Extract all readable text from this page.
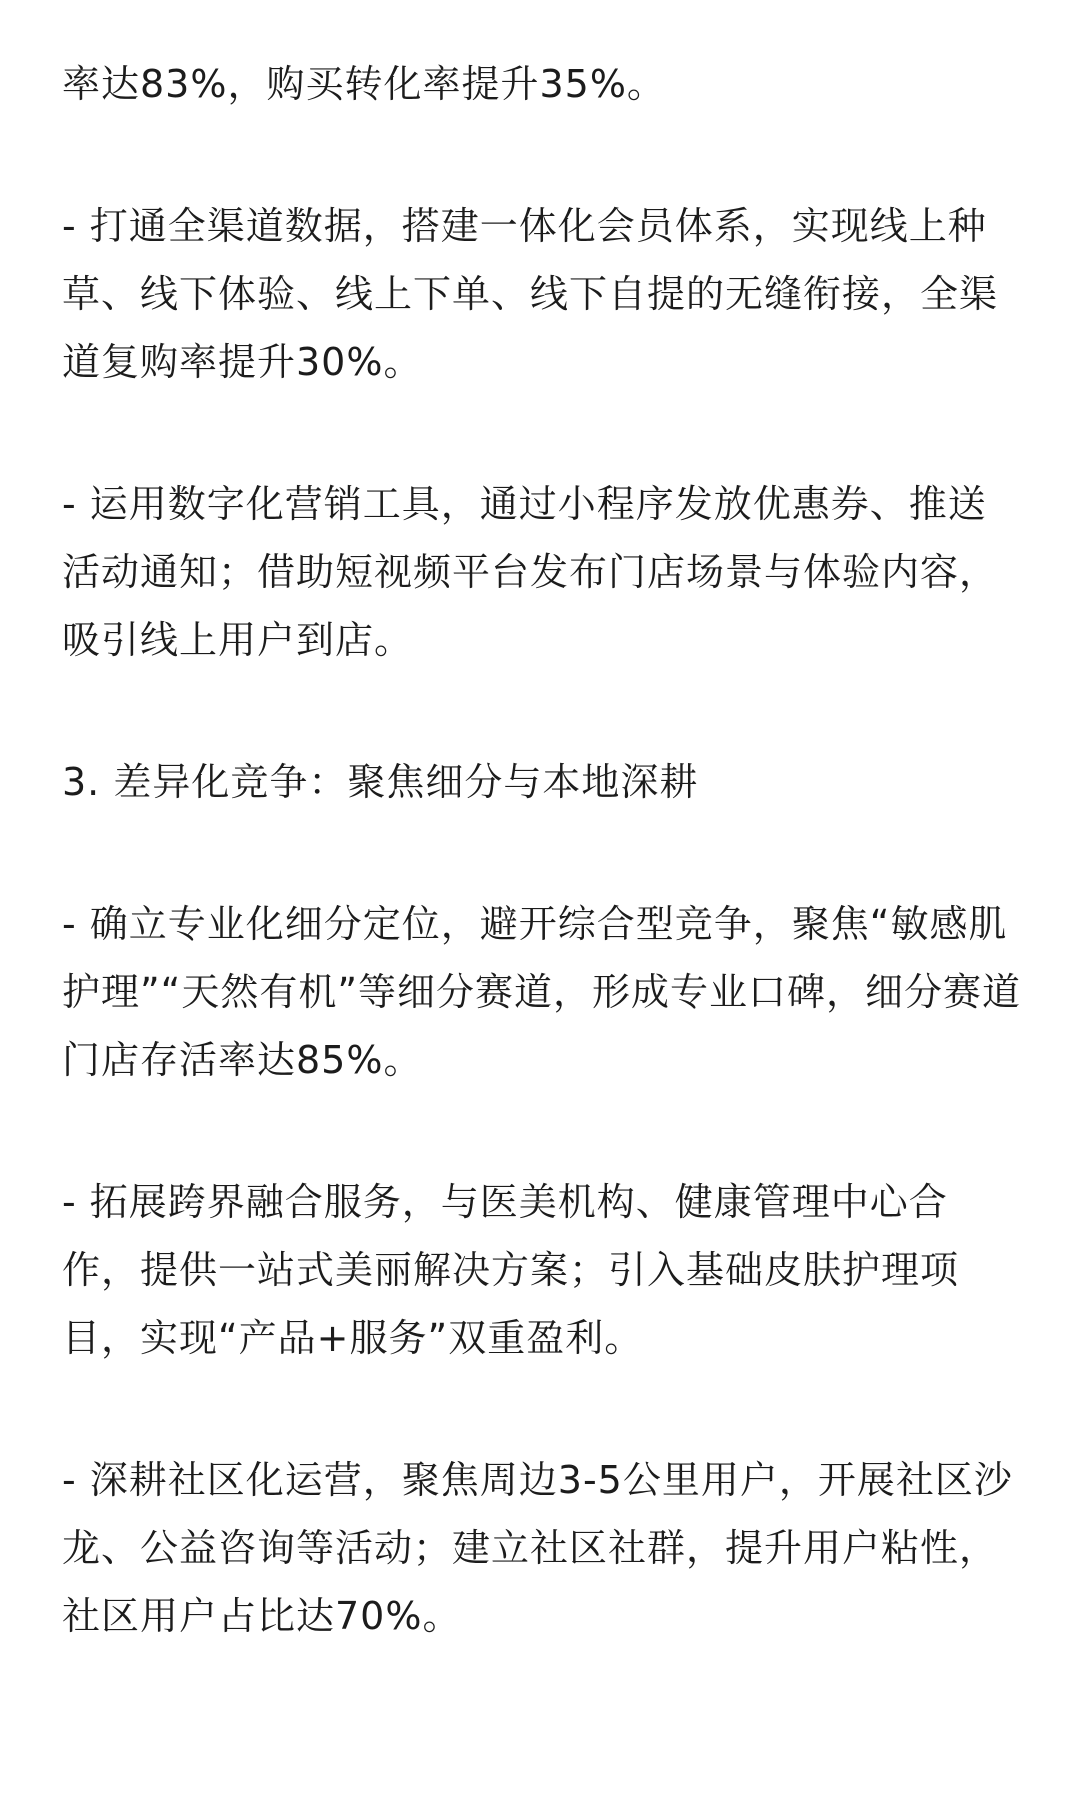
率达83%，购买转化率提升35%。

- 打通全渠道数据，搭建一体化会员体系，实现线上种
草、线下体验、线上下单、线下自提的无缝衔接，全渠
道复购率提升30%。

- 运用数字化营销工具，通过小程序发放优惠券、推送
活动通知；借助短视频平台发布门店场景与体验内容，
吸引线上用户到店。

3. 差异化竞争：聚焦细分与本地深耕

- 确立专业化细分定位，避开综合型竞争，聚焦“敏感肌
护理”“天然有机”等细分赛道，形成专业口碑，细分赛道
门店存活率达85%。

- 拓展跨界融合服务，与医美机构、健康管理中心合
作，提供一站式美丽解决方案；引入基础皮肤护理项
目，实现“产品+服务”双重盈利。

- 深耕社区化运营，聚焦周边3-5公里用户，开展社区沙
龙、公益咨询等活动；建立社区社群，提升用户粘性，
社区用户占比达70%。
